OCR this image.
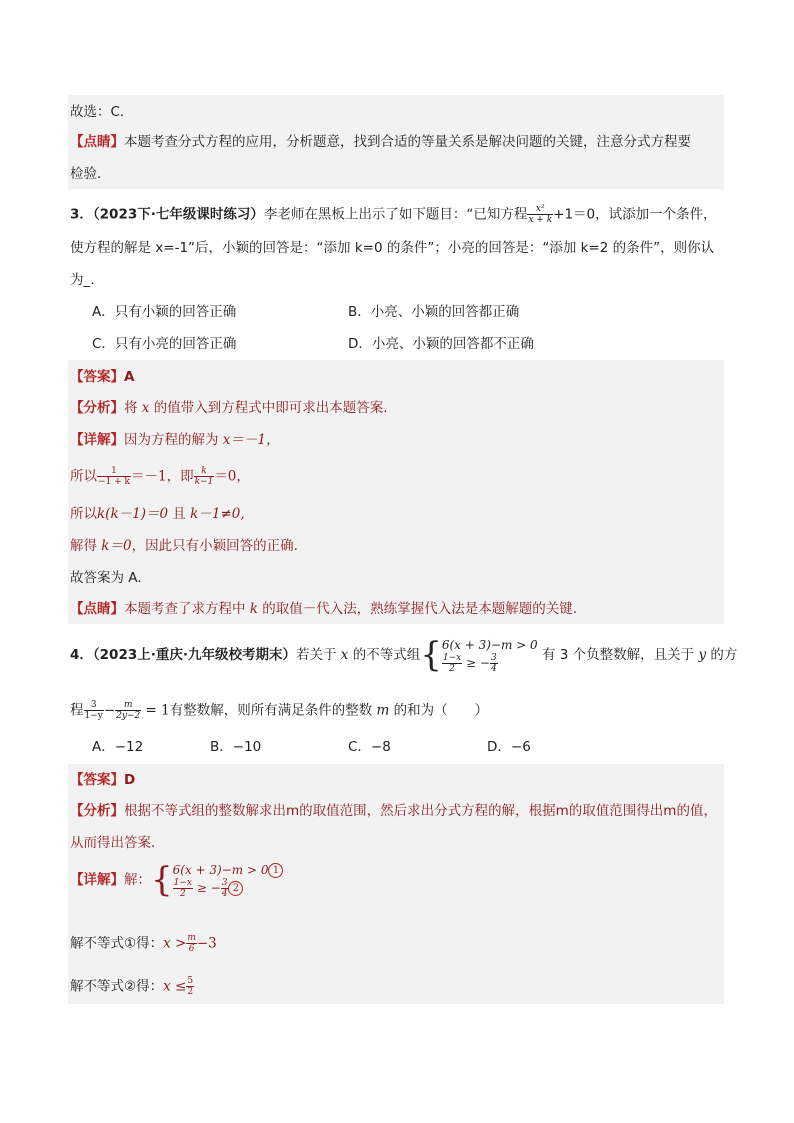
故选：C．
【点睛】本题考查分式方程的应用，分析题意，找到合适的等量关系是解决问题的关键，注意分式方程要
检验．
3．（2023下·七年级课时练习）李老师在黑板上出示了如下题目：“已知方程 $\frac{\text{x²}}{x + k} +1=0$，试添加一个条件，
使方程的解是 x=-1”后，小颖的回答是：“添加 k=0 的条件”；小亮的回答是：“添加 k=2 的条件”，则你认
为_.
A．只有小颖的回答正确	B．小亮、小颖的回答都正确
C．只有小亮的回答正确	D．小亮、小颖的回答都不正确
【答案】A
【分析】将 x 的值带入到方程式中即可求出本题答案.
【详解】因为方程的解为 x＝－1，
所以 $\frac{1}{-1 + k} =-1$，即 $\frac{k}{k-1} =0$，
所以k(k－1)＝0 且 k－1≠0,
解得 k＝0，因此只有小颖回答的正确.
故答案为 A.
【点睛】本题考查了求方程中 k 的取值－代入法，熟练掌握代入法是本题解题的关键.
4．（2023上·重庆·九年级校考期末）若关于 x 的不等式组{ 6(x + 3)−m > 0
$\frac{1-x}{2}$ ≥ − $\frac{3}{4}$	有 3 个负整数解，且关于 y 的方
程 $\frac{3}{1-y} - \frac{m}{2y-2} = 1$有整数解，则所有满足条件的整数 m 的和为（　　）
A．−12	B．−10	C．−8	D．−6
【答案】D
【分析】根据不等式组的整数解求出m的取值范围，然后求出分式方程的解，根据m的取值范围得出m的值，
从而得出答案．
【详解】解：{ 6(x + 3)−m > 0 1
$\frac{1-x}{2}$ ≥ − $\frac{3}{4} 2$
解不等式①得：$x > \frac{m}{6} -3$
解不等式②得：$x \le \frac{5}{2}$
